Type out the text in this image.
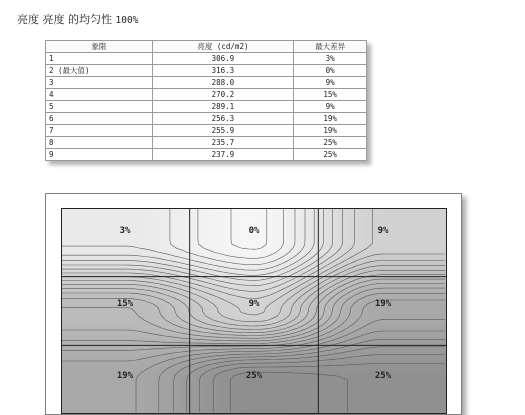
亮度 亮度 的均匀性 100%
象限	亮度 (cd/m2)	最大差异
1	306.9	3%
2 (最大值)	316.3	0%
3	288.0	9%
4	270.2	15%
5	289.1	9%
6	256.3	19%
7	255.9	19%
8	235.7	25%
9	237.9	25%
3%	0%	9%
15%	9%	19%
19%	25%	25%
